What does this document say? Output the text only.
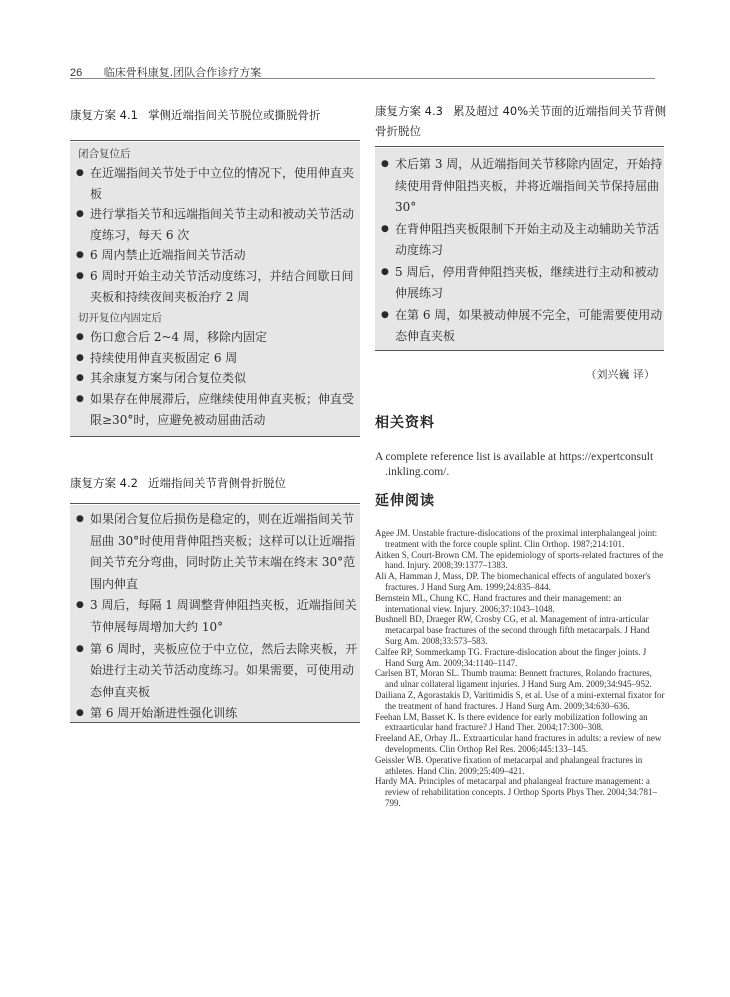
26 临床骨科康复.团队合作诊疗方案
康复方案 4.1 掌侧近端指间关节脱位或撕脱骨折
闭合复位后
● 在近端指间关节处于中立位的情况下，使用伸直夹板
● 进行掌指关节和远端指间关节主动和被动关节活动度练习，每天 6 次
● 6 周内禁止近端指间关节活动
● 6 周时开始主动关节活动度练习，并结合间歇日间夹板和持续夜间夹板治疗 2 周
切开复位内固定后
● 伤口愈合后 2~4 周，移除内固定
● 持续使用伸直夹板固定 6 周
● 其余康复方案与闭合复位类似
● 如果存在伸展滞后，应继续使用伸直夹板；伸直受限≥30°时，应避免被动屈曲活动
康复方案 4.2 近端指间关节背侧骨折脱位
● 如果闭合复位后损伤是稳定的，则在近端指间关节屈曲 30°时使用背伸阻挡夹板；这样可以让近端指间关节充分弯曲，同时防止关节末端在终末 30°范围内伸直
● 3 周后，每隔 1 周调整背伸阻挡夹板，近端指间关节伸展每周增加大约 10°
● 第 6 周时，夹板应位于中立位，然后去除夹板，开始进行主动关节活动度练习。如果需要，可使用动态伸直夹板
● 第 6 周开始渐进性强化训练
康复方案 4.3 累及超过 40%关节面的近端指间关节背侧骨折脱位
● 术后第 3 周，从近端指间关节移除内固定，开始持续使用背伸阻挡夹板，并将近端指间关节保持屈曲 30°
● 在背伸阻挡夹板限制下开始主动及主动辅助关节活动度练习
● 5 周后，停用背伸阻挡夹板，继续进行主动和被动伸展练习
● 在第 6 周，如果被动伸展不完全，可能需要使用动态伸直夹板
（刘兴巍 译）
相关资料
A complete reference list is available at https://expertconsult
.inkling.com/.
延伸阅读

Agee JM. Unstable fracture-dislocations of the proximal interphalangeal joint: treatment with the force couple splint. Clin Orthop. 1987;214:101.

Aitken S, Court-Brown CM. The epidemiology of sports-related fractures of the hand. Injury. 2008;39:1377–1383.

Ali A, Hamman J, Mass, DP. The biomechanical effects of angulated boxer's fractures. J Hand Surg Am. 1999;24:835–844.

Bernstein ML, Chung KC. Hand fractures and their management: an international view. Injury. 2006;37:1043–1048.

Bushnell BD, Draeger RW, Crosby CG, et al. Management of intra-articular metacarpal base fractures of the second through fifth metacarpals. J Hand Surg Am. 2008;33:573–583.

Calfee RP, Sommerkamp TG. Fracture-dislocation about the finger joints. J Hand Surg Am. 2009;34:1140–1147.

Carlsen BT, Moran SL. Thumb trauma: Bennett fractures, Rolando fractures, and ulnar collateral ligament injuries. J Hand Surg Am. 2009;34:945–952.

Dailiana Z, Agorastakis D, Varitimidis S, et al. Use of a mini-external fixator for the treatment of hand fractures. J Hand Surg Am. 2009;34:630–636.

Feehan LM, Basset K. Is there evidence for early mobilization following an extraarticular hand fracture? J Hand Ther. 2004;17:300–308.

Freeland AE, Orbay JL. Extraarticular hand fractures in adults: a review of new developments. Clin Orthop Rel Res. 2006;445:133–145.

Geissler WB. Operative fixation of metacarpal and phalangeal fractures in athletes. Hand Clin. 2009;25:409–421.

Hardy MA. Principles of metacarpal and phalangeal fracture management: a review of rehabilitation concepts. J Orthop Sports Phys Ther. 2004;34:781–799.
